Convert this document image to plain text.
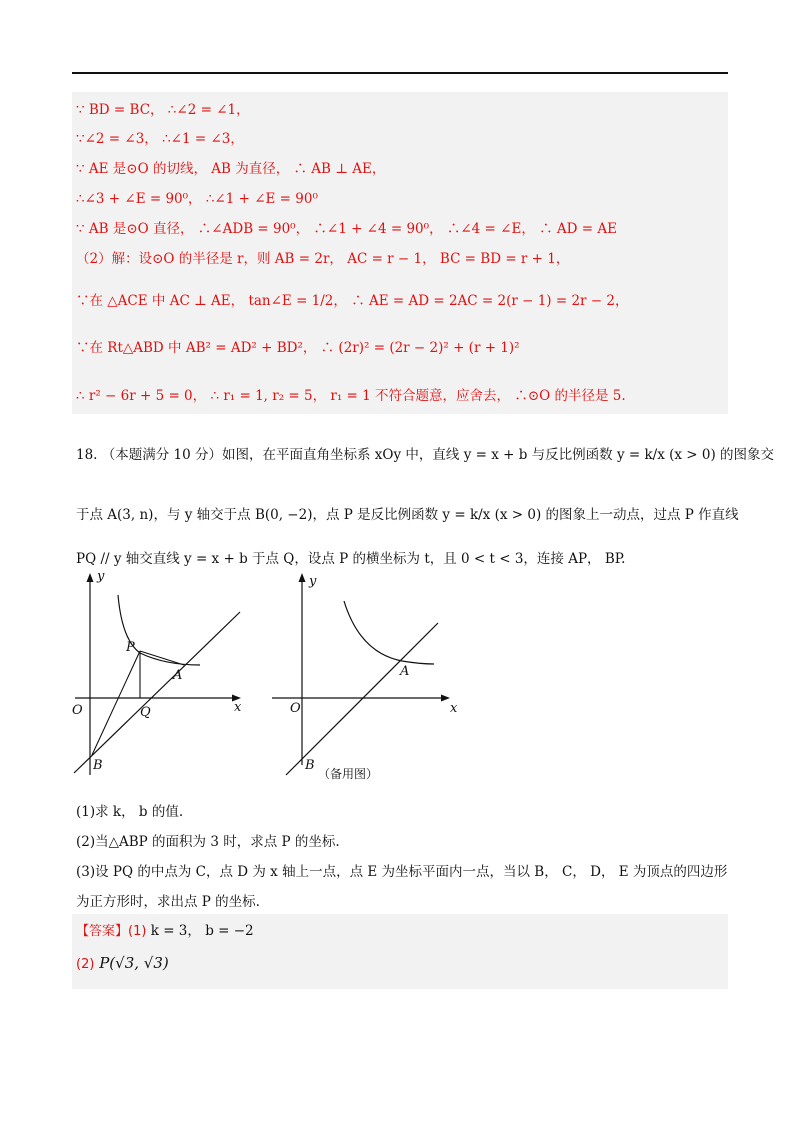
∵ BD = BC， ∴∠2 = ∠1，
∵∠2 = ∠3， ∴∠1 = ∠3，
∵ AE 是⊙O 的切线， AB 为直径， ∴ AB ⊥ AE，
∴∠3 + ∠E = 90⁰， ∴∠1 + ∠E = 90⁰
∵ AB 是⊙O 直径， ∴∠ADB = 90⁰， ∴∠1 + ∠4 = 90⁰， ∴∠4 = ∠E， ∴ AD = AE
（2）解：设⊙O 的半径是 r，则 AB = 2r， AC = r − 1， BC = BD = r + 1，
∵在 △ACE 中 AC ⊥ AE， tan∠E = 1/2， ∴ AE = AD = 2AC = 2(r − 1) = 2r − 2，
∵在 Rt△ABD 中 AB² = AD² + BD²， ∴ (2r)² = (2r − 2)² + (r + 1)²
∴ r² − 6r + 5 = 0， ∴ r₁ = 1, r₂ = 5， r₁ = 1 不符合题意，应舍去， ∴⊙O 的半径是 5.
18. （本题满分 10 分）如图，在平面直角坐标系 xOy 中，直线 y = x + b 与反比例函数 y = k/x (x > 0) 的图象交
于点 A(3, n)，与 y 轴交于点 B(0, −2)，点 P 是反比例函数 y = k/x (x > 0) 的图象上一动点，过点 P 作直线
PQ // y 轴交直线 y = x + b 于点 Q，设点 P 的横坐标为 t，且 0 < t < 3，连接 AP， BP.
y
x
O
P
A
Q
B
y
x
O
A
B
（备用图）
(1)求 k， b 的值.
(2)当△ABP 的面积为 3 时，求点 P 的坐标.
(3)设 PQ 的中点为 C，点 D 为 x 轴上一点，点 E 为坐标平面内一点，当以 B， C， D， E 为顶点的四边形
为正方形时，求出点 P 的坐标.
【答案】(1) k = 3， b = −2
(2) P(√3, √3)
